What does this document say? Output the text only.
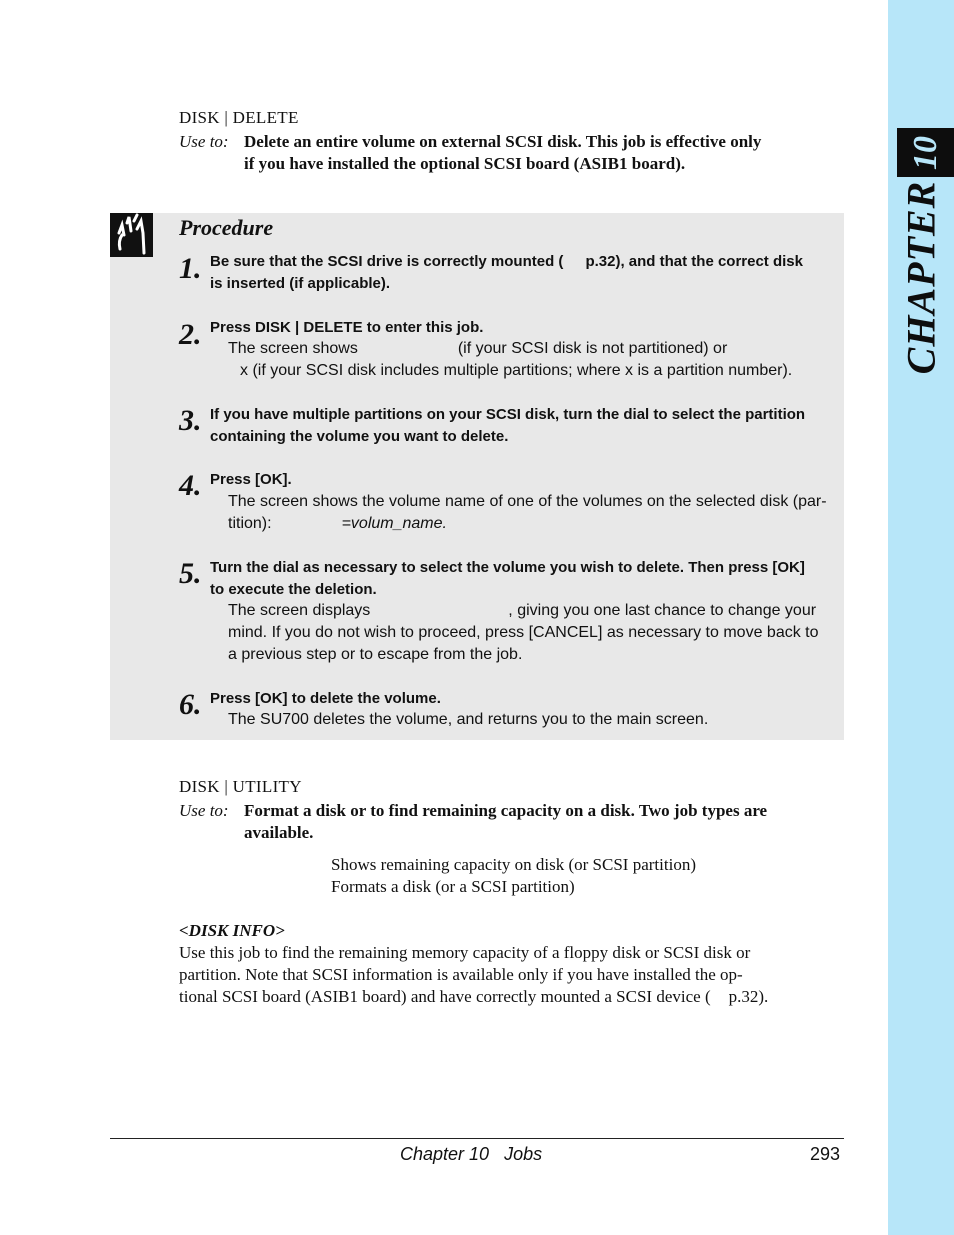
10
CHAPTER
DISK | DELETE
Use to: Delete an entire volume on external SCSI disk. This job is effective only
if you have installed the optional SCSI board (ASIB1 board).
Procedure
1. Be sure that the SCSI drive is correctly mounted ( p.32), and that the correct disk
is inserted (if applicable).
2. Press DISK | DELETE to enter this job.
The screen shows	(if your SCSI disk is not partitioned) or
x (if your SCSI disk includes multiple partitions; where x is a partition number).
3. If you have multiple partitions on your SCSI disk, turn the dial to select the partition
containing the volume you want to delete.
4. Press [OK].
The screen shows the volume name of one of the volumes on the selected disk (par-
tition):	=volum_name.
5. Turn the dial as necessary to select the volume you wish to delete. Then press [OK]
to execute the deletion.
The screen displays	, giving you one last chance to change your
mind. If you do not wish to proceed, press [CANCEL] as necessary to move back to
a previous step or to escape from the job.
6. Press [OK] to delete the volume.
The SU700 deletes the volume, and returns you to the main screen.
DISK | UTILITY
Use to: Format a disk or to find remaining capacity on a disk. Two job types are
available.
Shows remaining capacity on disk (or SCSI partition)
Formats a disk (or a SCSI partition)
<DISK INFO>
Use this job to find the remaining memory capacity of a floppy disk or SCSI disk or
partition. Note that SCSI information is available only if you have installed the op-
tional SCSI board (ASIB1 board) and have correctly mounted a SCSI device ( p.32).
Chapter 10   Jobs	293
